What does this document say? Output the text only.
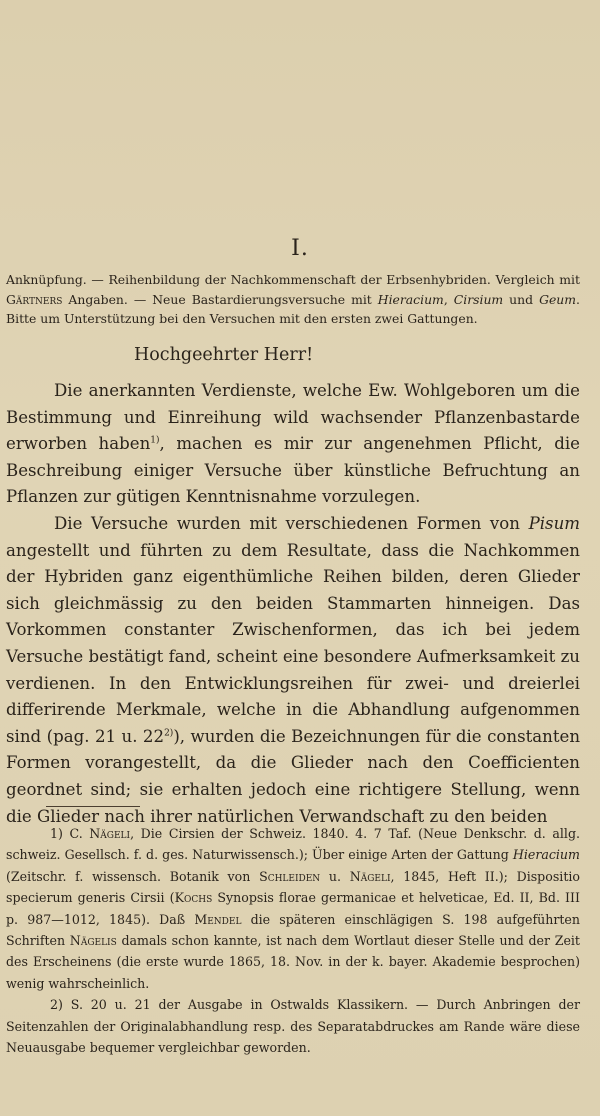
I.
Anknüpfung. — Reihenbildung der Nachkommenschaft der Erbsenhybriden. Vergleich mit Gärtners Angaben. — Neue Bastardierungsversuche mit Hieracium, Cirsium und Geum. Bitte um Unterstützung bei den Versuchen mit den ersten zwei Gattungen.
Hochgeehrter Herr!

Die anerkannten Verdienste, welche Ew. Wohlgeboren um die Bestimmung und Einreihung wild wachsender Pflanzenbastarde erworben haben$^{1)}$, machen es mir zur angenehmen Pflicht, die Beschreibung einiger Versuche über künstliche Befruchtung an Pflanzen zur gütigen Kenntnisnahme vorzulegen.

Die Versuche wurden mit verschiedenen Formen von Pisum angestellt und führten zu dem Resultate, dass die Nachkommen der Hybriden ganz eigenthümliche Reihen bilden, deren Glieder sich gleichmässig zu den beiden Stammarten hinneigen. Das Vorkommen constanter Zwischenformen, das ich bei jedem Versuche bestätigt fand, scheint eine besondere Aufmerksamkeit zu verdienen. In den Entwicklungsreihen für zwei- und dreierlei differirende Merkmale, welche in die Abhandlung aufgenommen sind (pag. 21 u. 22$^{2)}$), wurden die Bezeichnungen für die constanten Formen vorangestellt, da die Glieder nach den Coefficienten geordnet sind; sie erhalten jedoch eine richtigere Stellung, wenn die Glieder nach ihrer natürlichen Verwandschaft zu den beiden

1) C. Nägeli, Die Cirsien der Schweiz. 1840. 4. 7 Taf. (Neue Denkschr. d. allg. schweiz. Gesellsch. f. d. ges. Naturwissensch.); Über einige Arten der Gattung Hieracium (Zeitschr. f. wissensch. Botanik von Schleiden u. Nägeli, 1845, Heft II.); Dispositio specierum generis Cirsii (Kochs Synopsis florae germanicae et helveticae, Ed. II, Bd. III p. 987—1012, 1845). Daß Mendel die späteren einschlägigen S. 198 aufgeführten Schriften Nägelis damals schon kannte, ist nach dem Wortlaut dieser Stelle und der Zeit des Erscheinens (die erste wurde 1865, 18. Nov. in der k. bayer. Akademie besprochen) wenig wahrscheinlich.

2) S. 20 u. 21 der Ausgabe in Ostwalds Klassikern. — Durch Anbringen der Seitenzahlen der Originalabhandlung resp. des Separatabdruckes am Rande wäre diese Neuausgabe bequemer vergleichbar geworden.
